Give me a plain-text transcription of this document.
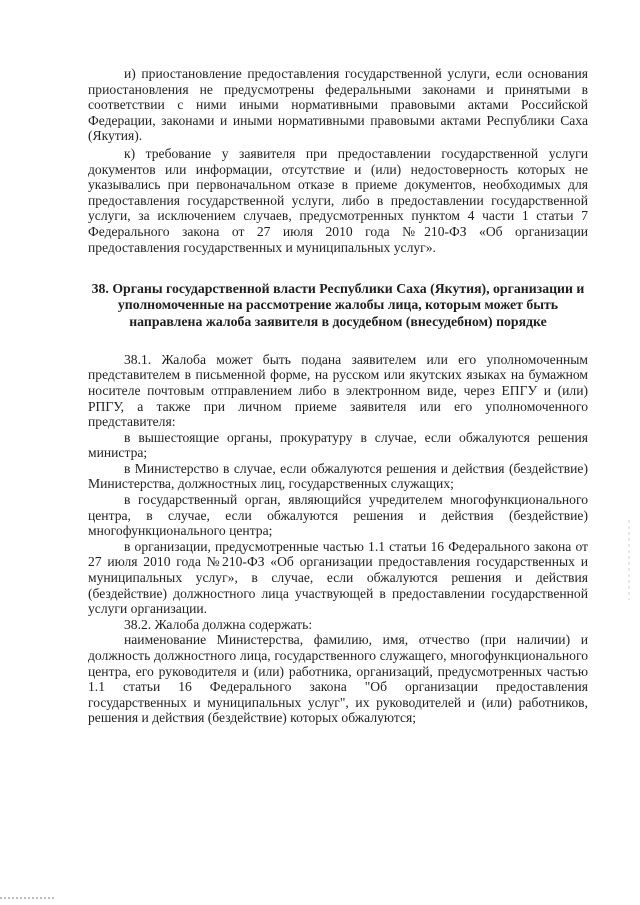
и) приостановление предоставления государственной услуги, если основания приостановления не предусмотрены федеральными законами и принятыми в соответствии с ними иными нормативными правовыми актами Российской Федерации, законами и иными нормативными правовыми актами Республики Саха (Якутия).

к) требование у заявителя при предоставлении государственной услуги документов или информации, отсутствие и (или) недостоверность которых не указывались при первоначальном отказе в приеме документов, необходимых для предоставления государственной услуги, либо в предоставлении государственной услуги, за исключением случаев, предусмотренных пунктом 4 части 1 статьи 7 Федерального закона от 27 июля 2010 года №210-ФЗ «Об организации предоставления государственных и муниципальных услуг».

38. Органы государственной власти Республики Саха (Якутия), организации и уполномоченные на рассмотрение жалобы лица, которым может быть направлена жалоба заявителя в досудебном (внесудебном) порядке

38.1. Жалоба может быть подана заявителем или его уполномоченным представителем в письменной форме, на русском или якутских языках на бумажном носителе почтовым отправлением либо в электронном виде, через ЕПГУ и (или) РПГУ, а также при личном приеме заявителя или его уполномоченного представителя:

в вышестоящие органы, прокуратуру в случае, если обжалуются решения министра;

в Министерство в случае, если обжалуются решения и действия (бездействие) Министерства, должностных лиц, государственных служащих;

в государственный орган, являющийся учредителем многофункционального центра, в случае, если обжалуются решения и действия (бездействие) многофункционального центра;

в организации, предусмотренные частью 1.1 статьи 16 Федерального закона от 27 июля 2010 года №210-ФЗ «Об организации предоставления государственных и муниципальных услуг», в случае, если обжалуются решения и действия (бездействие) должностного лица участвующей в предоставлении государственной услуги организации.

38.2. Жалоба должна содержать:

наименование Министерства, фамилию, имя, отчество (при наличии) и должность должностного лица, государственного служащего, многофункционального центра, его руководителя и (или) работника, организаций, предусмотренных частью 1.1 статьи 16 Федерального закона "Об организации предоставления государственных и муниципальных услуг", их руководителей и (или) работников, решения и действия (бездействие) которых обжалуются;
